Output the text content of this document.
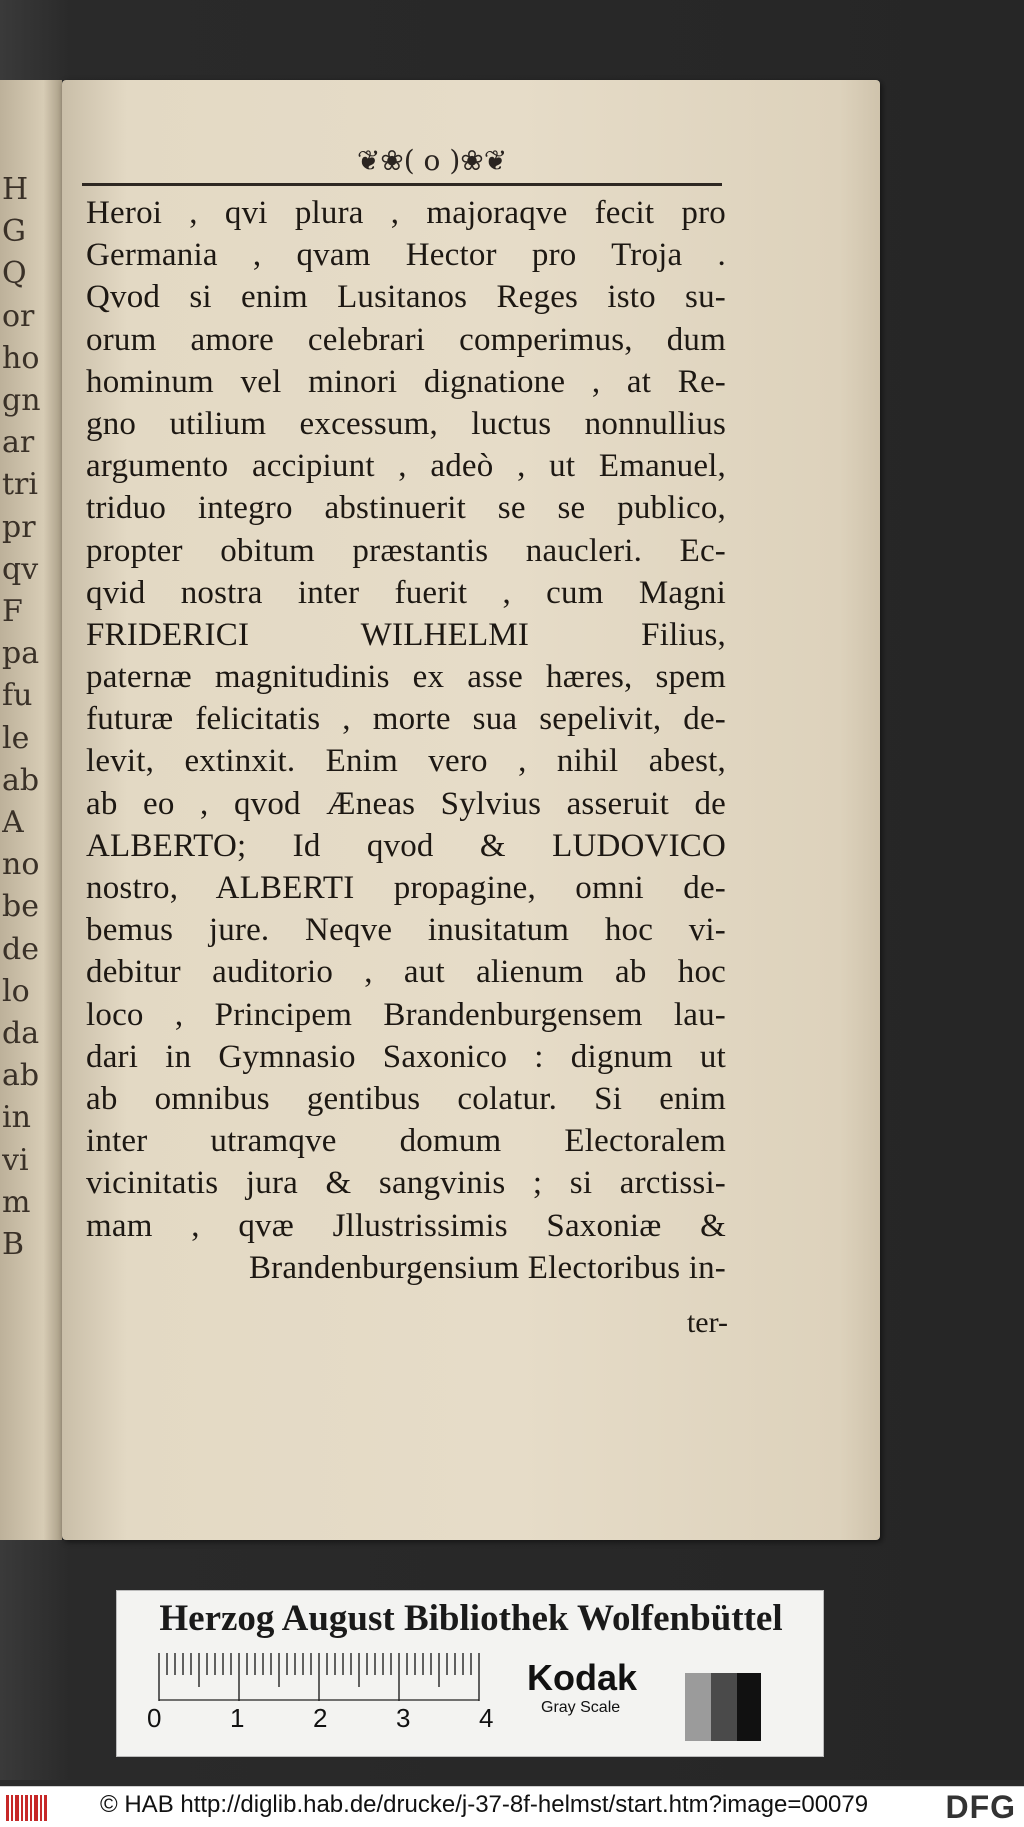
H
G
Q
or
ho
gn
ar
tri
pr
qv
F
pa
fu
le
ab
A
no
be
de
lo
da
ab
in
vi
m
B
❦❀( o )❀❦
Heroi , qvi plura , majoraqve fecit pro
Germania , qvam Hector pro Troja .
Qvod si enim Lusitanos Reges isto su-
orum amore celebrari comperimus, dum
hominum vel minori dignatione , at Re-
gno utilium excessum, luctus nonnullius
argumento accipiunt , adeò , ut Emanuel,
triduo integro abstinuerit se se publico,
propter obitum præstantis naucleri. Ec-
qvid nostra inter fuerit , cum Magni
FRIDERICI WILHELMI Filius,
paternæ magnitudinis ex asse hæres, spem
futuræ felicitatis , morte sua sepelivit, de-
levit, extinxit. Enim vero , nihil abest,
ab eo , qvod Æneas Sylvius asseruit de
ALBERTO; Id qvod & LUDOVICO
nostro, ALBERTI propagine, omni de-
bemus jure. Neqve inusitatum hoc vi-
debitur auditorio , aut alienum ab hoc
loco , Principem Brandenburgensem lau-
dari in Gymnasio Saxonico : dignum ut
ab omnibus gentibus colatur. Si enim
inter utramqve domum Electoralem
vicinitatis jura & sangvinis ; si arctissi-
mam , qvæ Jllustrissimis Saxoniæ &
Brandenburgensium Electoribus in-
ter-
Herzog August Bibliothek Wolfenbüttel
0	1	2	3	4
Kodak
Gray Scale
© HAB http://diglib.hab.de/drucke/j-37-8f-helmst/start.htm?image=00079	DFG
